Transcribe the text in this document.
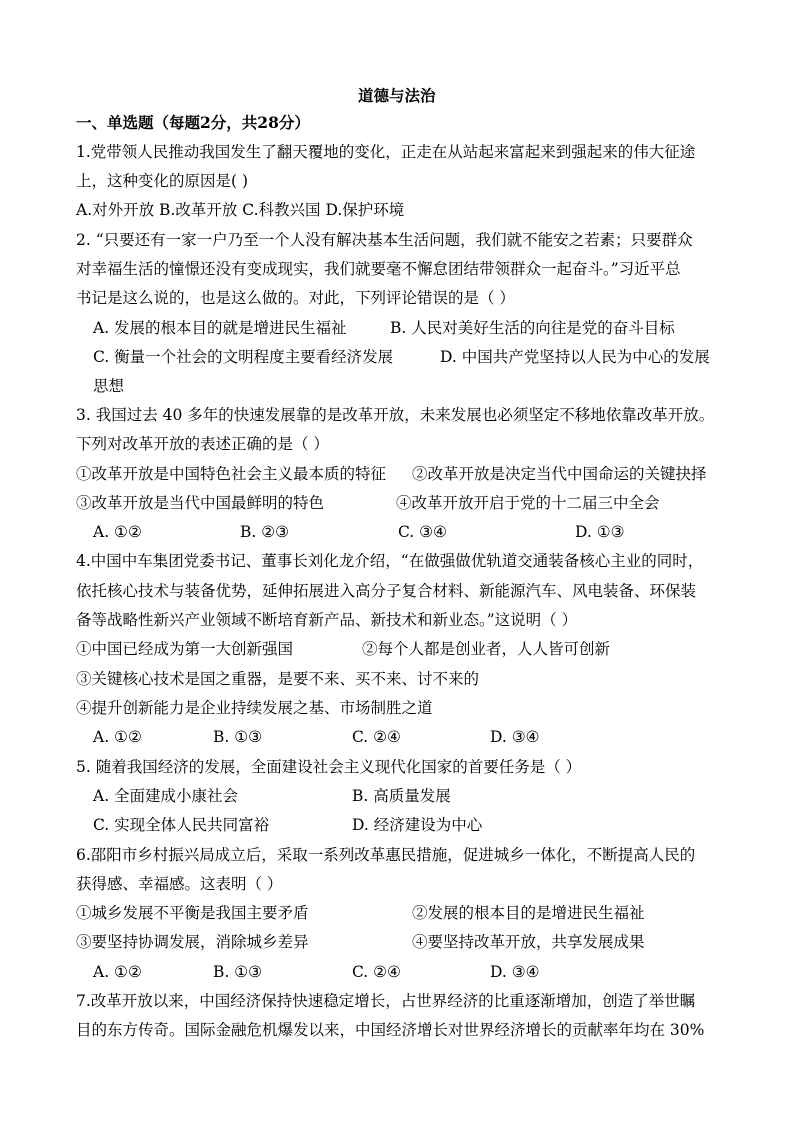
道德与法治
一、单选题（每题2分，共28分）
1.党带领人民推动我国发生了翻天覆地的变化，正走在从站起来富起来到强起来的伟大征途
上，这种变化的原因是( )
A.对外开放 B.改革开放 C.科教兴国 D.保护环境
2. “只要还有一家一户乃至一个人没有解决基本生活问题，我们就不能安之若素；只要群众
对幸福生活的憧憬还没有变成现实，我们就要毫不懈怠团结带领群众一起奋斗。”习近平总
书记是这么说的，也是这么做的。对此，下列评论错误的是（ ）
A. 发展的根本目的就是增进民生福祉	B. 人民对美好生活的向往是党的奋斗目标
C. 衡量一个社会的文明程度主要看经济发展	D. 中国共产党坚持以人民为中心的发展
思想
3. 我国过去 40 多年的快速发展靠的是改革开放，未来发展也必须坚定不移地依靠改革开放。
下列对改革开放的表述正确的是（ ）
①改革开放是中国特色社会主义最本质的特征 ②改革开放是决定当代中国命运的关键抉择
③改革开放是当代中国最鲜明的特色	④改革开放开启于党的十二届三中全会
A. ①②	B. ②③	C. ③④	D. ①③
4.中国中车集团党委书记、董事长刘化龙介绍，“在做强做优轨道交通装备核心主业的同时，
依托核心技术与装备优势，延伸拓展进入高分子复合材料、新能源汽车、风电装备、环保装
备等战略性新兴产业领域不断培育新产品、新技术和新业态。”这说明（ ）
①中国已经成为第一大创新强国	②每个人都是创业者，人人皆可创新
③关键核心技术是国之重器，是要不来、买不来、讨不来的
④提升创新能力是企业持续发展之基、市场制胜之道
A. ①②	B. ①③	C. ②④	D. ③④
5. 随着我国经济的发展，全面建设社会主义现代化国家的首要任务是（ ）
A. 全面建成小康社会	B. 高质量发展
C. 实现全体人民共同富裕	D. 经济建设为中心
6.邵阳市乡村振兴局成立后，采取一系列改革惠民措施，促进城乡一体化，不断提高人民的
获得感、幸福感。这表明（ ）
①城乡发展不平衡是我国主要矛盾	②发展的根本目的是增进民生福祉
③要坚持协调发展，消除城乡差异	④要坚持改革开放，共享发展成果
A. ①②	B. ①③	C. ②④	D. ③④
7.改革开放以来，中国经济保持快速稳定增长，占世界经济的比重逐渐增加，创造了举世瞩
目的东方传奇。国际金融危机爆发以来，中国经济增长对世界经济增长的贡献率年均在 30%
